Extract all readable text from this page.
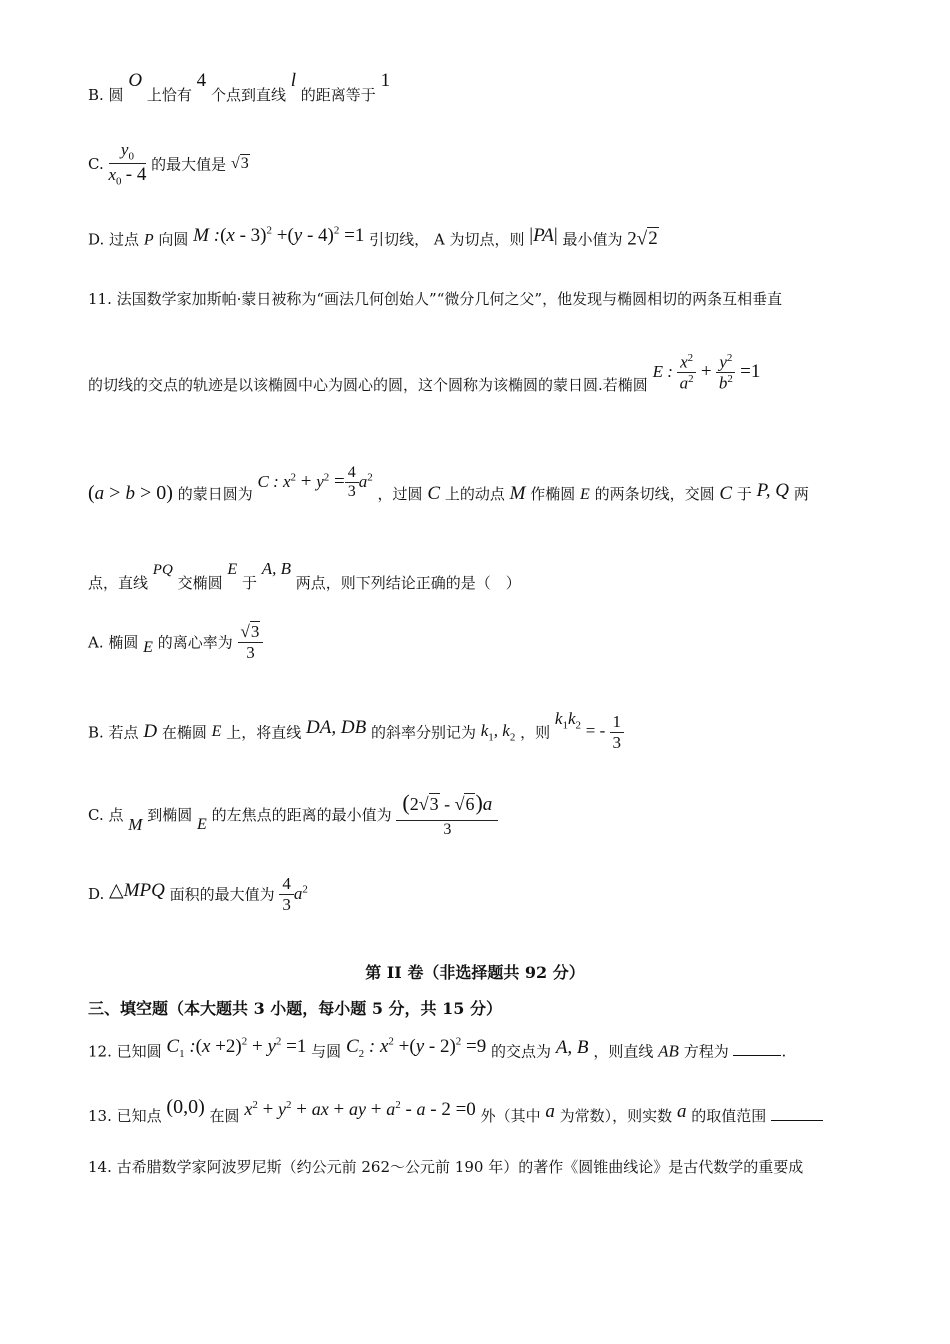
B. 圆 O 上恰有 4 个点到直线 l 的距离等于 1
C. $\frac{y_0}{x_0 - 4}$ 的最大值是 √3
D. 过点 P 向圆 M :(x - 3)$^2$ +(y - 4)$^2$ =1 引切线， A 为切点，则 |PA| 最小值为 2√2
11. 法国数学家加斯帕·蒙日被称为“画法几何创始人”“微分几何之父”，他发现与椭圆相切的两条互相垂直
的切线的交点的轨迹是以该椭圆中心为圆心的圆，这个圆称为该椭圆的蒙日圆.若椭圆 E : $\frac{x^2}{a^2} + \frac{y^2}{b^2} =1$
(a > b > 0) 的蒙日圆为 C : $x^2 + y^2 = \frac{4}{3} a^2$ ，过圆 C 上的动点 M 作椭圆 E 的两条切线，交圆 C 于 P, Q 两
点，直线 PQ 交椭圆 E 于 A, B 两点，则下列结论正确的是（　）
A. 椭圆 E 的离心率为 $\frac{√3}{3}$
B. 若点 D 在椭圆 E 上，将直线 DA, DB 的斜率分别记为 $k_1$, $k_2$ ，则 $k_1k_2$ = - $\frac{1}{3}$
C. 点 M 到椭圆 E 的左焦点的距离的最小值为 $\frac{(2√3 - √6)a}{3}$
D. △MPQ 面积的最大值为 $\frac{4}{3} a^2$
第 II 卷（非选择题共 92 分）
三、填空题（本大题共 3 小题，每小题 5 分，共 15 分）
12. 已知圆 $C_1$ :(x $+2)^2 + y^2 =1$ 与圆 $C_2$ : $x^2 +(y - 2)^2 =9$ 的交点为 A, B ，则直线 AB 方程为	.
13. 已知点 (0,0) 在圆 $x^2 + y^2$ + ax + ay + $a^2 - a - 2 =0$ 外（其中 a 为常数），则实数 a 的取值范围
14. 古希腊数学家阿波罗尼斯（约公元前 262～公元前 190 年）的著作《圆锥曲线论》是古代数学的重要成
